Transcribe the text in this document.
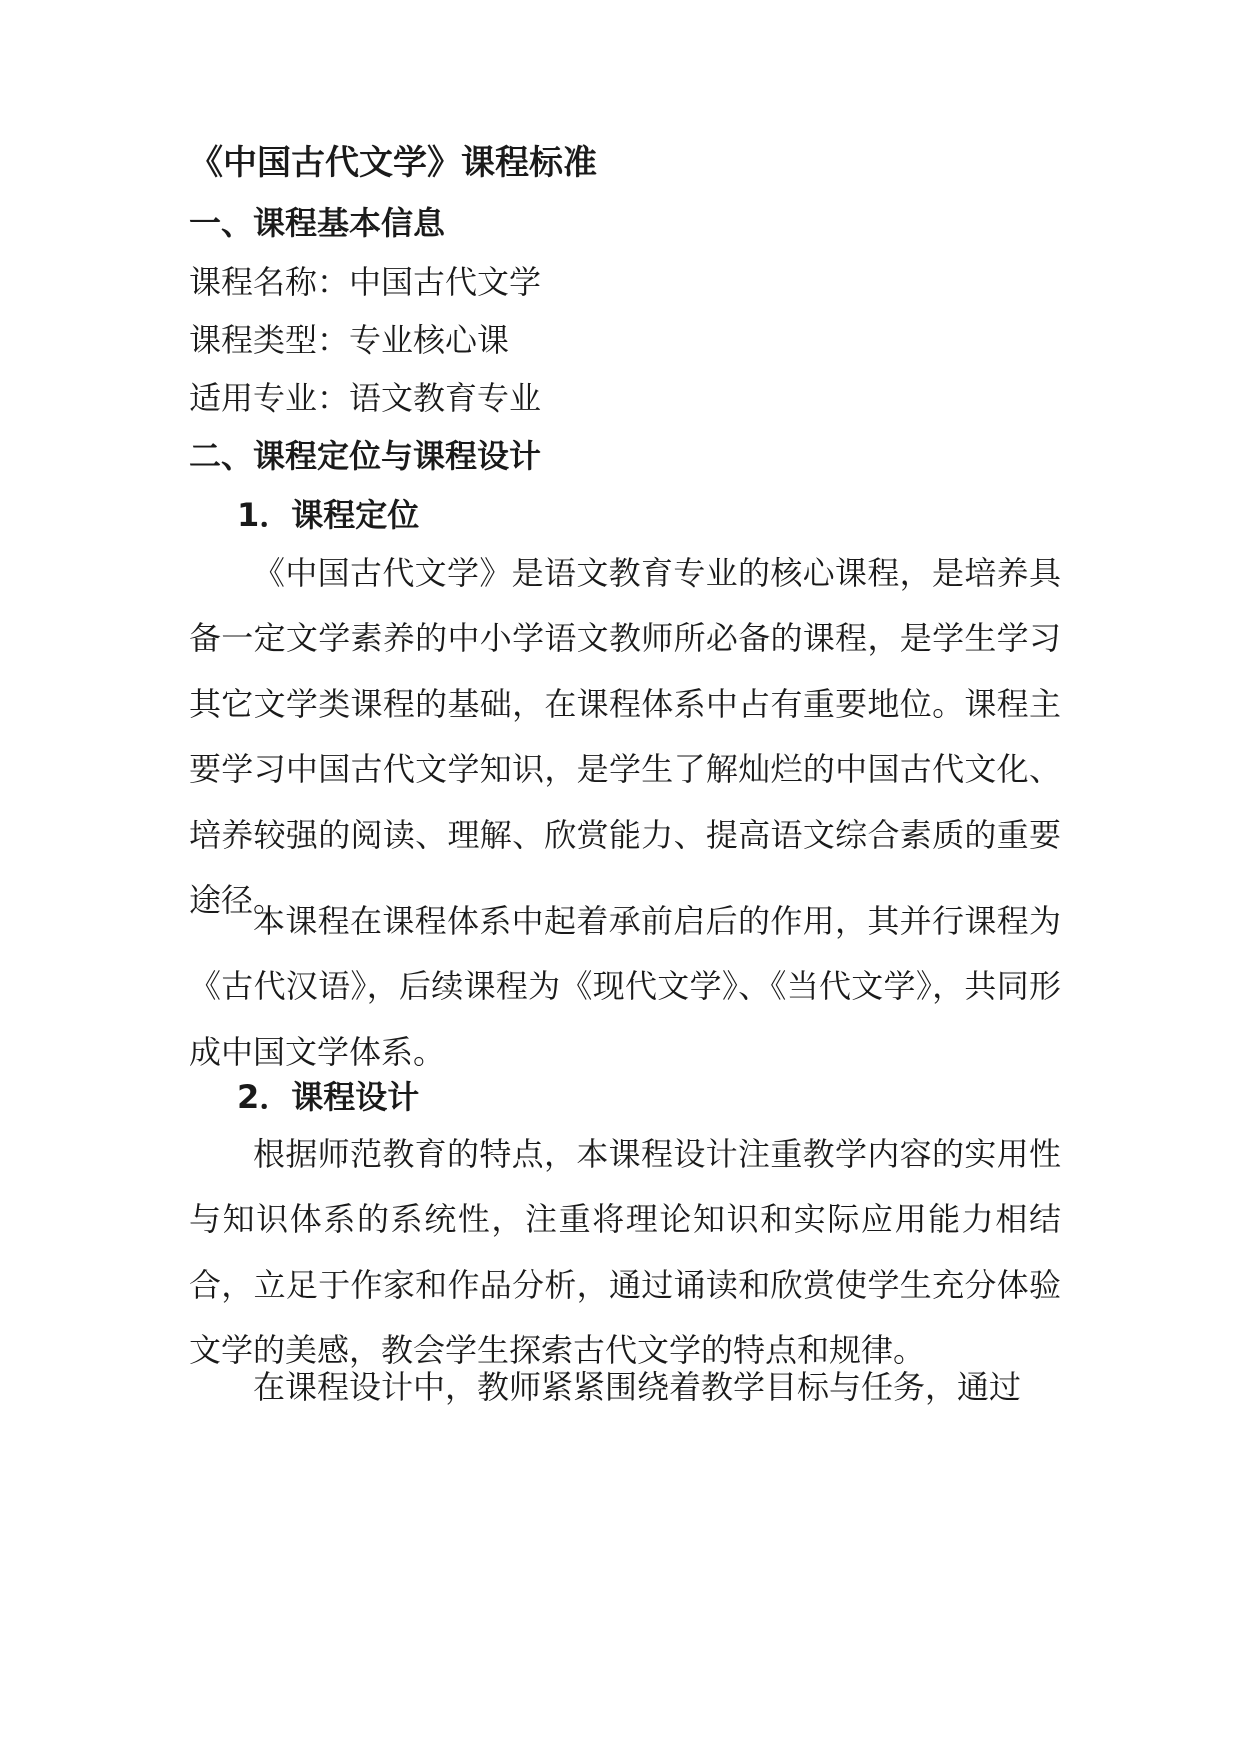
《中国古代文学》课程标准
一、课程基本信息
课程名称：中国古代文学
课程类型：专业核心课
适用专业：语文教育专业
二、课程定位与课程设计
1．课程定位
《中国古代文学》是语文教育专业的核心课程，是培养具备一定文学素养的中小学语文教师所必备的课程，是学生学习其它文学类课程的基础，在课程体系中占有重要地位。课程主要学习中国古代文学知识，是学生了解灿烂的中国古代文化、培养较强的阅读、理解、欣赏能力、提高语文综合素质的重要途径。
本课程在课程体系中起着承前启后的作用，其并行课程为《古代汉语》，后续课程为《现代文学》、《当代文学》，共同形成中国文学体系。
2．课程设计
根据师范教育的特点，本课程设计注重教学内容的实用性与知识体系的系统性，注重将理论知识和实际应用能力相结合，立足于作家和作品分析，通过诵读和欣赏使学生充分体验文学的美感，教会学生探索古代文学的特点和规律。
在课程设计中，教师紧紧围绕着教学目标与任务，通过
